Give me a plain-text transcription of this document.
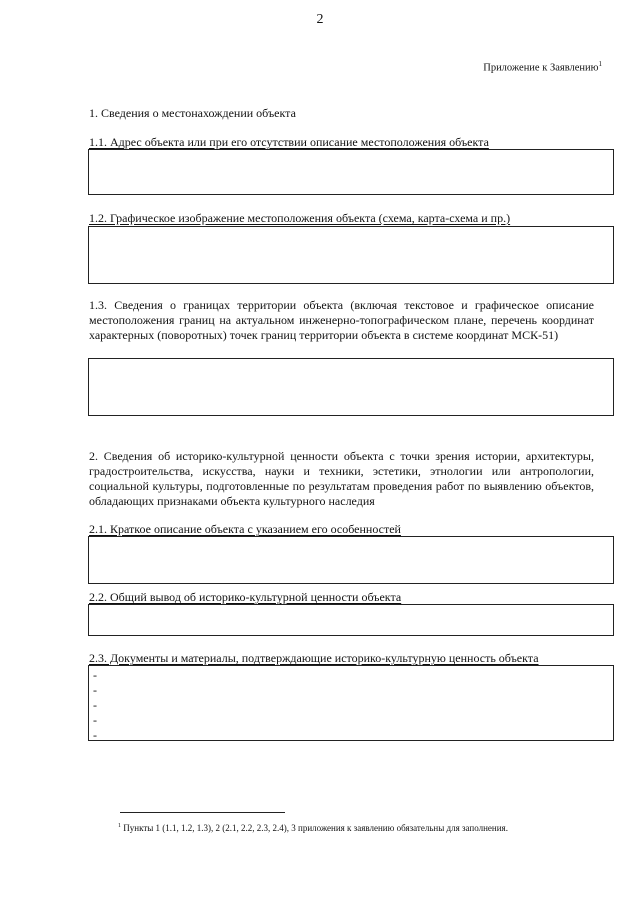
2
Приложение к Заявлению$^1$
1. Сведения о местонахождении объекта
1.1. Адрес объекта или при его отсутствии описание местоположения объекта
1.2. Графическое изображение местоположения объекта (схема, карта-схема и пр.)
1.3. Сведения о границах территории объекта (включая текстовое и графическое описание местоположения границ на актуальном инженерно-топографическом плане, перечень координат характерных (поворотных) точек границ территории объекта в системе координат МСК-51)
2. Сведения об историко-культурной ценности объекта с точки зрения истории, архитектуры, градостроительства, искусства, науки и техники, эстетики, этнологии или антропологии, социальной культуры, подготовленные по результатам проведения работ по выявлению объектов, обладающих признаками объекта культурного наследия
2.1. Краткое описание объекта с указанием его особенностей
2.2. Общий вывод об историко-культурной ценности объекта
2.3. Документы и материалы, подтверждающие историко-культурную ценность объекта
-
-
-
-
-
$^1$ Пункты 1 (1.1, 1.2, 1.3), 2 (2.1, 2.2, 2.3, 2.4), 3 приложения к заявлению обязательны для заполнения.
